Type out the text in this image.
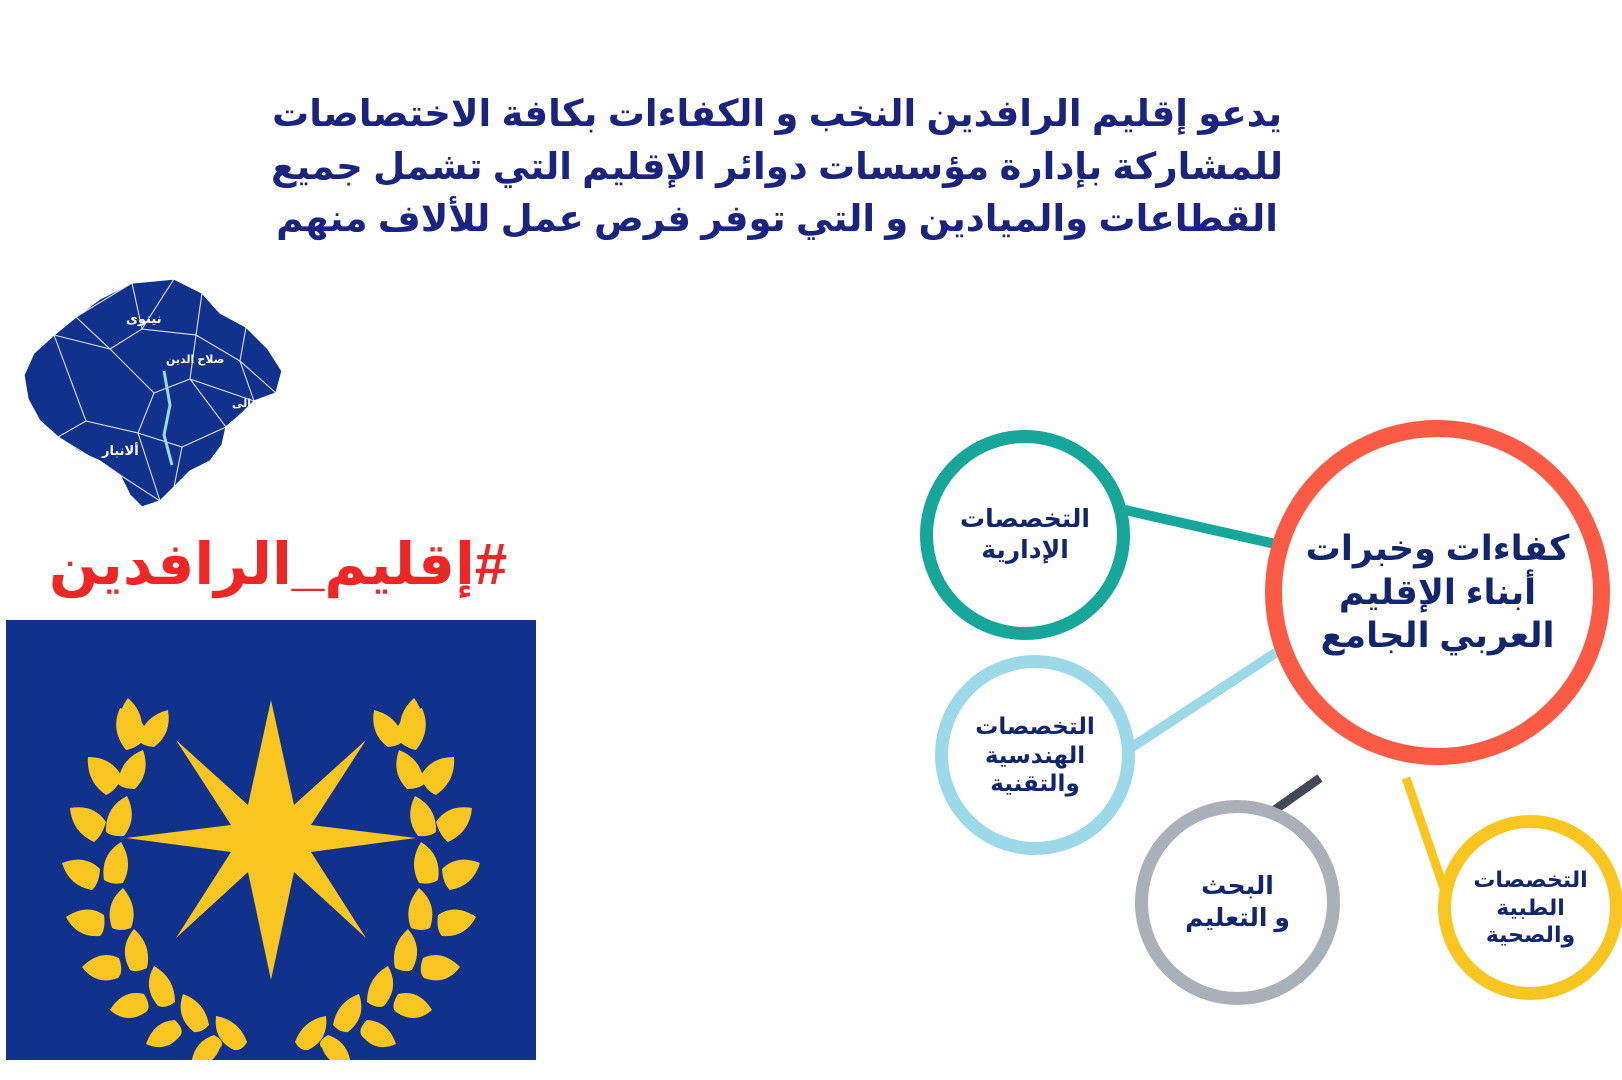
يدعو إقليم الرافدين النخب و الكفاءات بكافة الاختصاصات
للمشاركة بإدارة مؤسسات دوائر الإقليم التي تشمل جميع
القطاعات والميادين و التي توفر فرص عمل للألاف منهم
نينوى
صلاح الدين
ديالى
ألانبار
#إقليم_الرافدين	كفاءات وخبرات
أبناء الإقليم
العربي الجامع
التخصصات
الإدارية
التخصصات
الهندسية
والتقنية
البحث
و التعليم
التخصصات
الطبية والصحية
